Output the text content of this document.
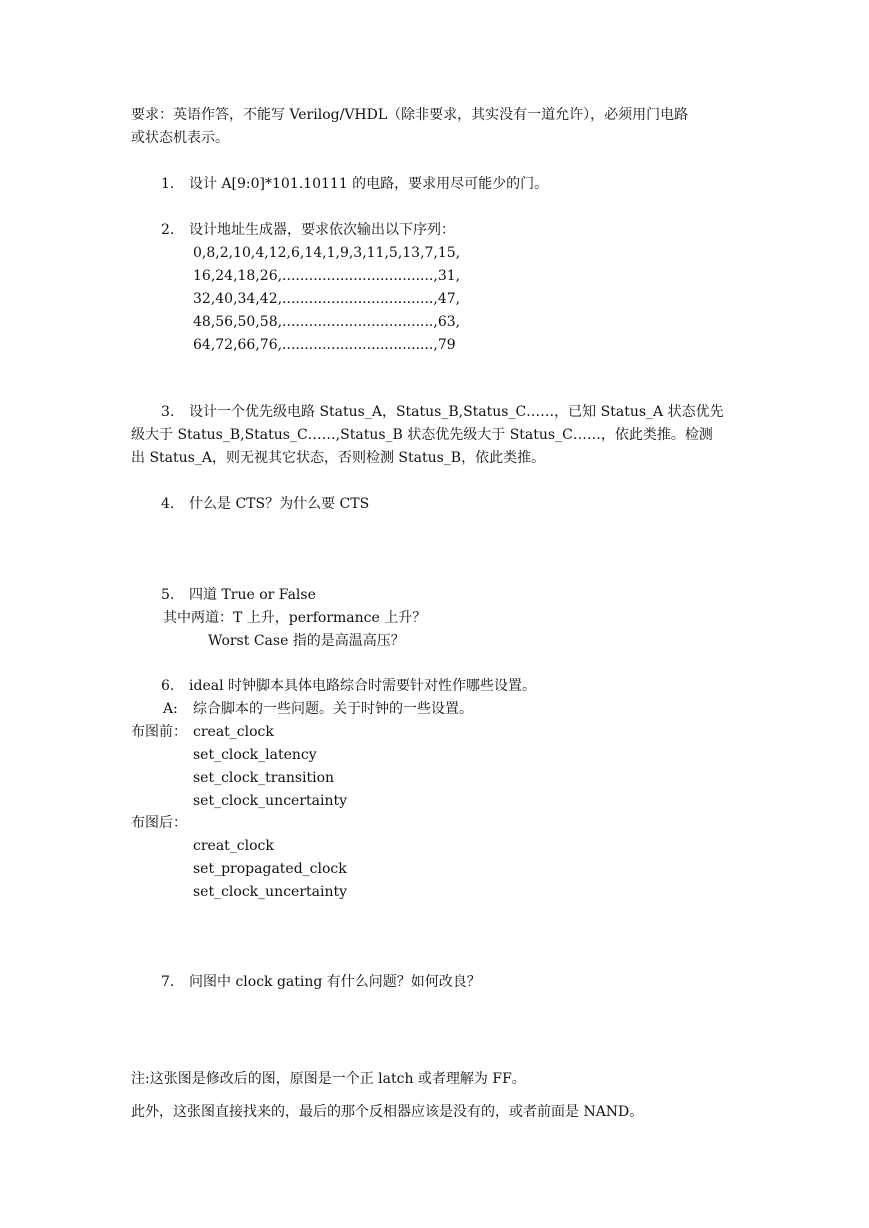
要求：英语作答，不能写 Verilog/VHDL（除非要求，其实没有一道允许），必须用门电路
或状态机表示。
1. 设计 A[9:0]*101.10111 的电路，要求用尽可能少的门。
2. 设计地址生成器，要求依次输出以下序列：
0,8,2,10,4,12,6,14,1,9,3,11,5,13,7,15,
16,24,18,26,..................................,31,
32,40,34,42,..................................,47,
48,56,50,58,..................................,63,
64,72,66,76,..................................,79
3. 设计一个优先级电路 Status_A，Status_B,Status_C……，已知 Status_A 状态优先
级大于 Status_B,Status_C……,Status_B 状态优先级大于 Status_C……，依此类推。检测
出 Status_A，则无视其它状态，否则检测 Status_B，依此类推。
4. 什么是 CTS？为什么要 CTS
5. 四道 True or False
其中两道：T 上升，performance 上升？
Worst Case 指的是高温高压？
6. ideal 时钟脚本具体电路综合时需要针对性作哪些设置。
A: 综合脚本的一些问题。关于时钟的一些设置。
布图前： creat_clock
set_clock_latency
set_clock_transition
set_clock_uncertainty
布图后：
creat_clock
set_propagated_clock
set_clock_uncertainty
7. 问图中 clock gating 有什么问题？如何改良？
注:这张图是修改后的图，原图是一个正 latch 或者理解为 FF。
此外，这张图直接找来的，最后的那个反相器应该是没有的，或者前面是 NAND。
